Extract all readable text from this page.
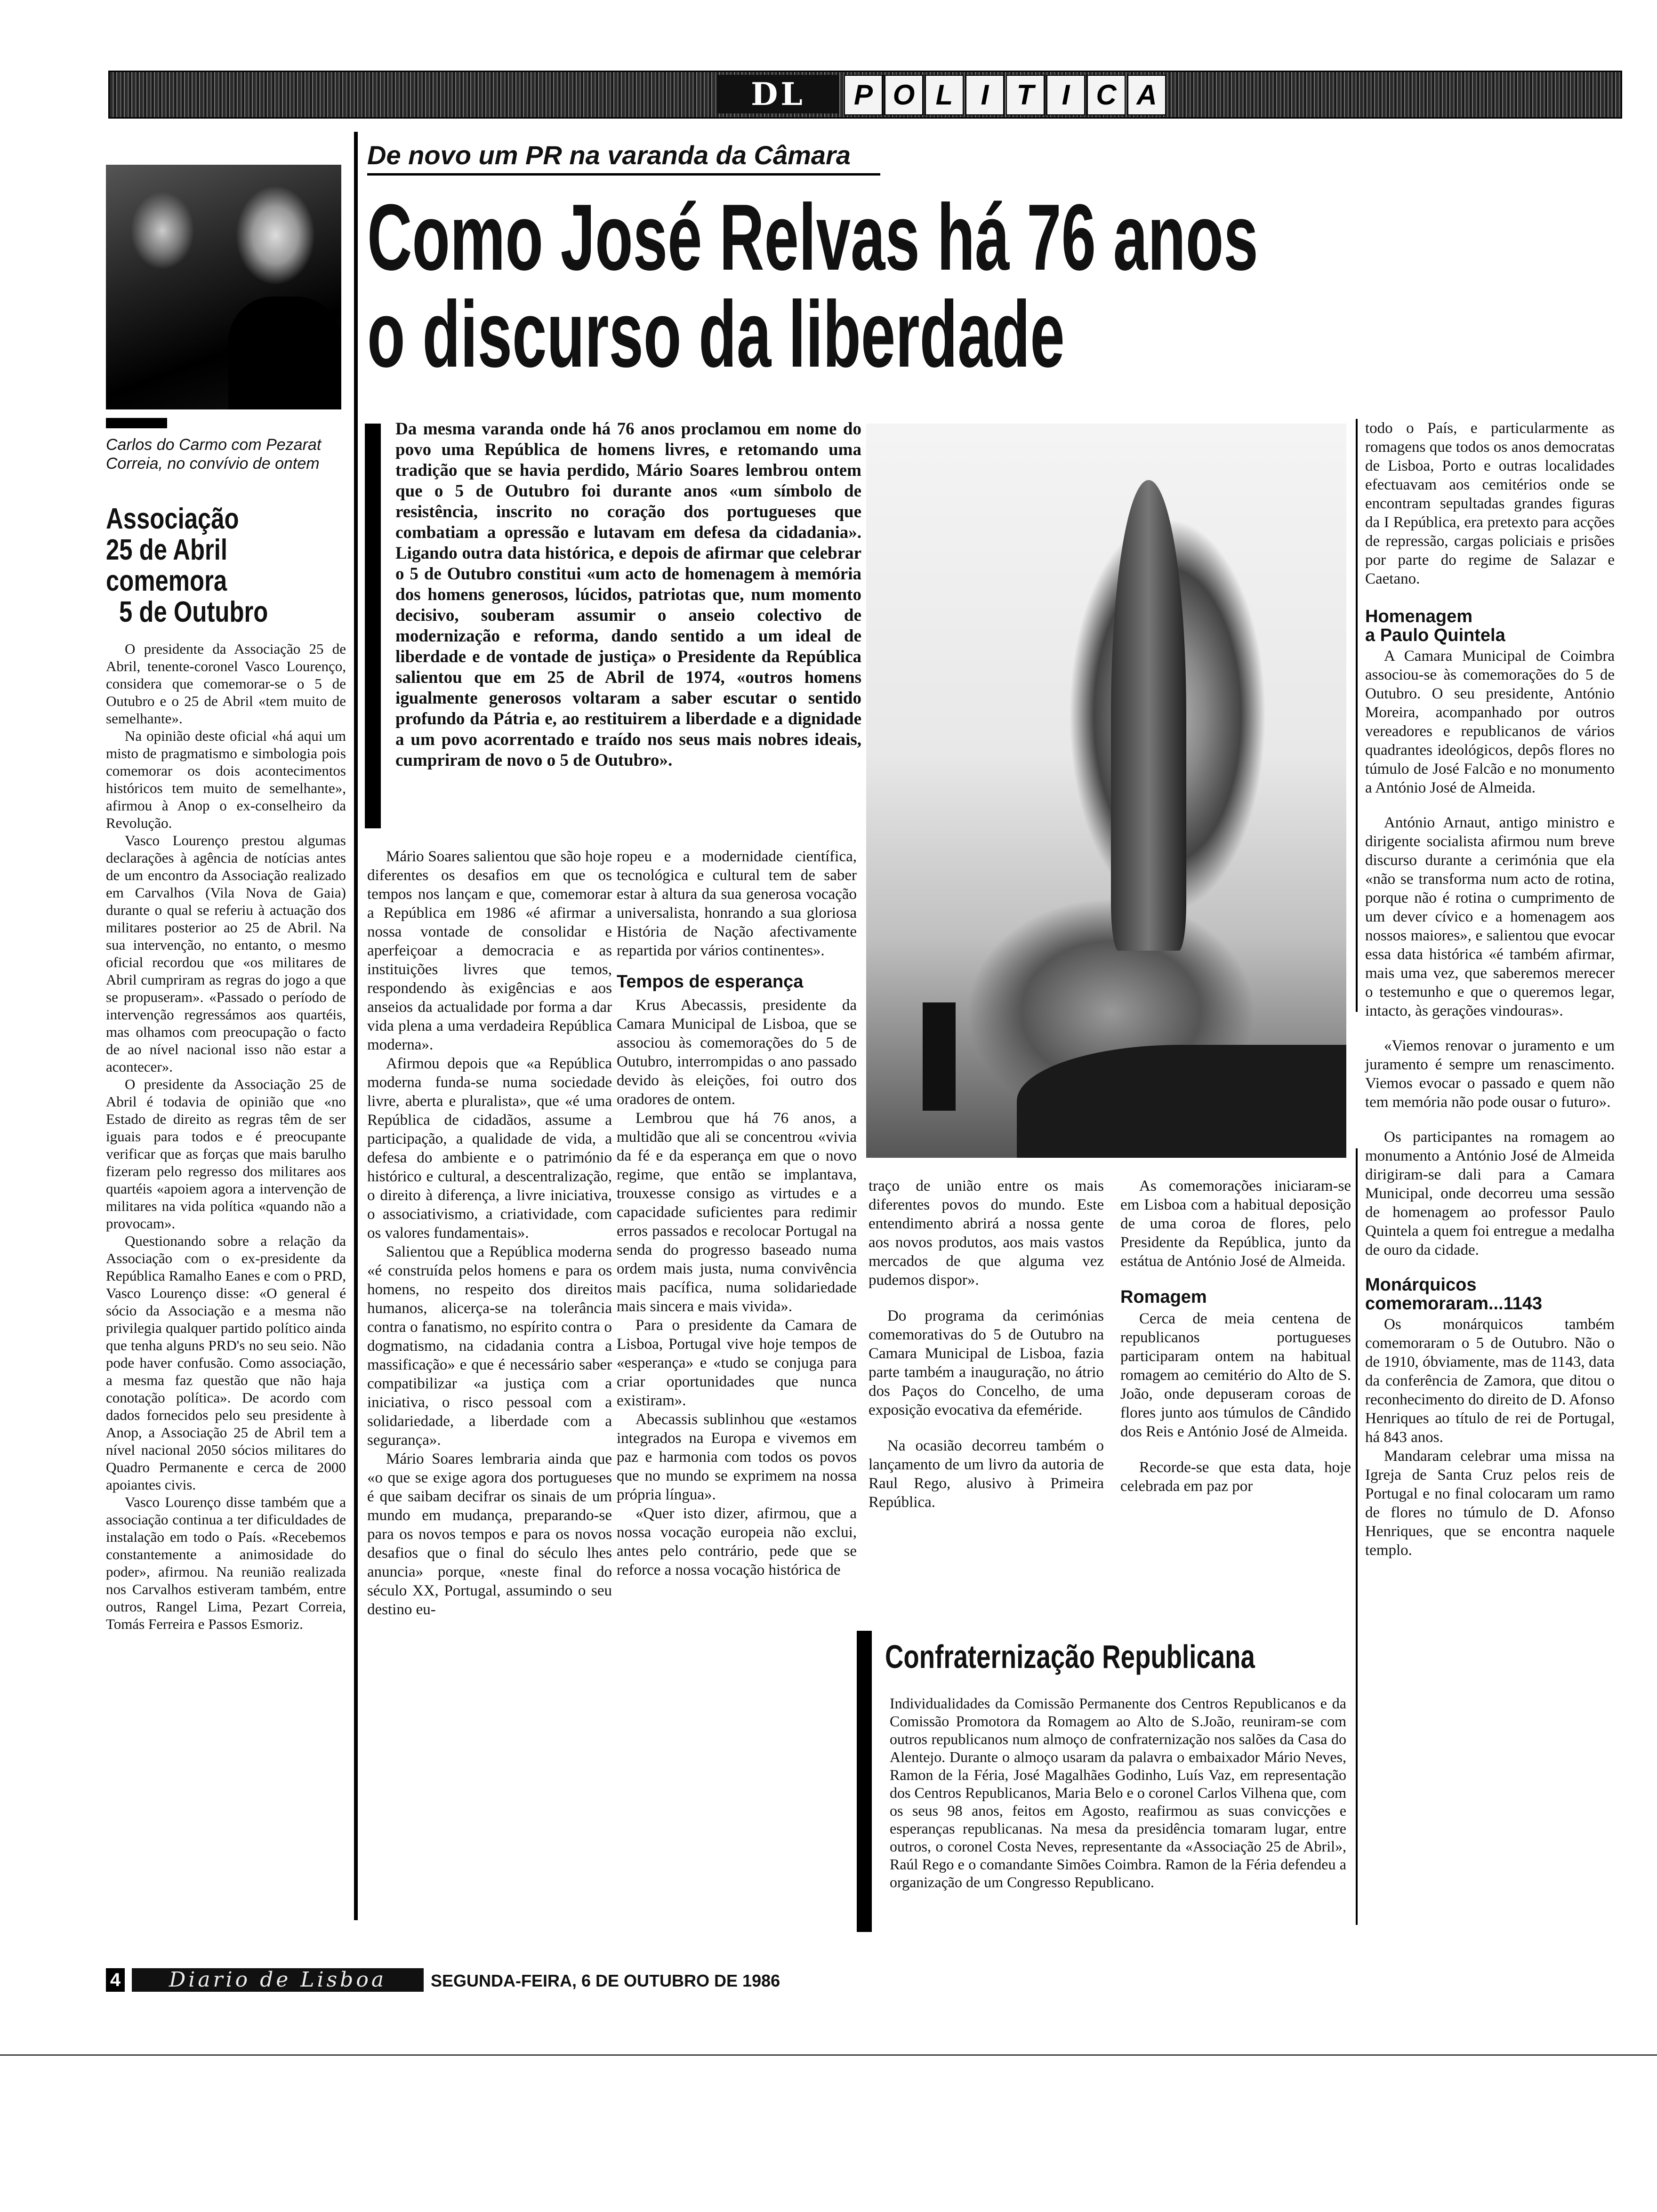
DL	P O L I T I C A
Carlos do Carmo com Pezarat Correia, no convívio de ontem
Associação
25 de Abril
comemora
5 de Outubro

O presidente da Associação 25 de Abril, tenente-coronel Vasco Lourenço, considera que comemorar-se o 5 de Outubro e o 25 de Abril «tem muito de semelhante».

Na opinião deste oficial «há aqui um misto de pragmatismo e simbologia pois comemorar os dois acontecimentos históricos tem muito de semelhante», afirmou à Anop o ex-conselheiro da Revolução.

Vasco Lourenço prestou algumas declarações à agência de notícias antes de um encontro da Associação realizado em Carvalhos (Vila Nova de Gaia) durante o qual se referiu à actuação dos militares posterior ao 25 de Abril. Na sua intervenção, no entanto, o mesmo oficial recordou que «os militares de Abril cumpriram as regras do jogo a que se propuseram». «Passado o período de intervenção regressámos aos quartéis, mas olhamos com preocupação o facto de ao nível nacional isso não estar a acontecer».

O presidente da Associação 25 de Abril é todavia de opinião que «no Estado de direito as regras têm de ser iguais para todos e é preocupante verificar que as forças que mais barulho fizeram pelo regresso dos militares aos quartéis «apoiem agora a intervenção de militares na vida política «quando não a provocam».

Questionando sobre a relação da Associação com o ex-presidente da República Ramalho Eanes e com o PRD, Vasco Lourenço disse: «O general é sócio da Associação e a mesma não privilegia qualquer partido político ainda que tenha alguns PRD's no seu seio. Não pode haver confusão. Como associação, a mesma faz questão que não haja conotação política». De acordo com dados fornecidos pelo seu presidente à Anop, a Associação 25 de Abril tem a nível nacional 2050 sócios militares do Quadro Permanente e cerca de 2000 apoiantes civis.

Vasco Lourenço disse também que a associação continua a ter dificuldades de instalação em todo o País. «Recebemos constantemente a animosidade do poder», afirmou. Na reunião realizada nos Carvalhos estiveram também, entre outros, Rangel Lima, Pezart Correia, Tomás Ferreira e Passos Esmoriz.

De novo um PR na varanda da Câmara
Como José Relvas há 76 anos
o discurso da liberdade
Da mesma varanda onde há 76 anos proclamou em nome do povo uma República de homens livres, e retomando uma tradição que se havia perdido, Mário Soares lembrou ontem que o 5 de Outubro foi durante anos «um símbolo de resistência, inscrito no coração dos portugueses que combatiam a opressão e lutavam em defesa da cidadania». Ligando outra data histórica, e depois de afirmar que celebrar o 5 de Outubro constitui «um acto de homenagem à memória dos homens generosos, lúcidos, patriotas que, num momento decisivo, souberam assumir o anseio colectivo de modernização e reforma, dando sentido a um ideal de liberdade e de vontade de justiça» o Presidente da República salientou que em 25 de Abril de 1974, «outros homens igualmente generosos voltaram a saber escutar o sentido profundo da Pátria e, ao restituirem a liberdade e a dignidade a um povo acorrentado e traído nos seus mais nobres ideais, cumpriram de novo o 5 de Outubro».

Mário Soares salientou que são hoje diferentes os desafios em que os tempos nos lançam e que, comemorar a República em 1986 «é afirmar a nossa vontade de consolidar e aperfeiçoar a democracia e as instituições livres que temos, respondendo às exigências e aos anseios da actualidade por forma a dar vida plena a uma verdadeira República moderna».

Afirmou depois que «a República moderna funda-se numa sociedade livre, aberta e pluralista», que «é uma República de cidadãos, assume a participação, a qualidade de vida, a defesa do ambiente e o património histórico e cultural, a descentralização, o direito à diferença, a livre iniciativa, o associativismo, a criatividade, com os valores fundamentais».

Salientou que a República moderna «é construída pelos homens e para os homens, no respeito dos direitos humanos, alicerça-se na tolerância contra o fanatismo, no espírito contra o dogmatismo, na cidadania contra a massificação» e que é necessário saber compatibilizar «a justiça com a iniciativa, o risco pessoal com a solidariedade, a liberdade com a segurança».

Mário Soares lembraria ainda que «o que se exige agora dos portugueses é que saibam decifrar os sinais de um mundo em mudança, preparando-se para os novos tempos e para os novos desafios que o final do século lhes anuncia» porque, «neste final do século XX, Portugal, assumindo o seu destino eu-

ropeu e a modernidade científica, tecnológica e cultural tem de saber estar à altura da sua generosa vocação universalista, honrando a sua gloriosa História de Nação afectivamente repartida por vários continentes».

Tempos de esperança

Krus Abecassis, presidente da Camara Municipal de Lisboa, que se associou às comemorações do 5 de Outubro, interrompidas o ano passado devido às eleições, foi outro dos oradores de ontem.

Lembrou que há 76 anos, a multidão que ali se concentrou «vivia da fé e da esperança em que o novo regime, que então se implantava, trouxesse consigo as virtudes e a capacidade suficientes para redimir erros passados e recolocar Portugal na senda do progresso baseado numa ordem mais justa, numa convivência mais pacífica, numa solidariedade mais sincera e mais vivida».

Para o presidente da Camara de Lisboa, Portugal vive hoje tempos de «esperança» e «tudo se conjuga para criar oportunidades que nunca existiram».

Abecassis sublinhou que «estamos integrados na Europa e vivemos em paz e harmonia com todos os povos que no mundo se exprimem na nossa própria língua».

«Quer isto dizer, afirmou, que a nossa vocação europeia não exclui, antes pelo contrário, pede que se reforce a nossa vocação histórica de

traço de união entre os mais diferentes povos do mundo. Este entendimento abrirá a nossa gente aos novos produtos, aos mais vastos mercados de que alguma vez pudemos dispor».

Do programa da cerimónias comemorativas do 5 de Outubro na Camara Municipal de Lisboa, fazia parte também a inauguração, no átrio dos Paços do Concelho, de uma exposição evocativa da efeméride.

Na ocasião decorreu também o lançamento de um livro da autoria de Raul Rego, alusivo à Primeira República.

As comemorações iniciaram-se em Lisboa com a habitual deposição de uma coroa de flores, pelo Presidente da República, junto da estátua de António José de Almeida.

Romagem

Cerca de meia centena de republicanos portugueses participaram ontem na habitual romagem ao cemitério do Alto de S. João, onde depuseram coroas de flores junto aos túmulos de Cândido dos Reis e António José de Almeida.

Recorde-se que esta data, hoje celebrada em paz por

Confraternização Republicana
Individualidades da Comissão Permanente dos Centros Republicanos e da Comissão Promotora da Romagem ao Alto de S.João, reuniram-se com outros republicanos num almoço de confraternização nos salões da Casa do Alentejo. Durante o almoço usaram da palavra o embaixador Mário Neves, Ramon de la Féria, José Magalhães Godinho, Luís Vaz, em representação dos Centros Republicanos, Maria Belo e o coronel Carlos Vilhena que, com os seus 98 anos, feitos em Agosto, reafirmou as suas convicções e esperanças republicanas. Na mesa da presidência tomaram lugar, entre outros, o coronel Costa Neves, representante da «Associação 25 de Abril», Raúl Rego e o comandante Simões Coimbra. Ramon de la Féria defendeu a organização de um Congresso Republicano.

todo o País, e particularmente as romagens que todos os anos democratas de Lisboa, Porto e outras localidades efectuavam aos cemitérios onde se encontram sepultadas grandes figuras da I República, era pretexto para acções de repressão, cargas policiais e prisões por parte do regime de Salazar e Caetano.

Homenagem
a Paulo Quintela

A Camara Municipal de Coimbra associou-se às comemorações do 5 de Outubro. O seu presidente, António Moreira, acompanhado por outros vereadores e republicanos de vários quadrantes ideológicos, depôs flores no túmulo de José Falcão e no monumento a António José de Almeida.

António Arnaut, antigo ministro e dirigente socialista afirmou num breve discurso durante a cerimónia que ela «não se transforma num acto de rotina, porque não é rotina o cumprimento de um dever cívico e a homenagem aos nossos maiores», e salientou que evocar essa data histórica «é também afirmar, mais uma vez, que saberemos merecer o testemunho e que o queremos legar, intacto, às gerações vindouras».

«Viemos renovar o juramento e um juramento é sempre um renascimento. Viemos evocar o passado e quem não tem memória não pode ousar o futuro».

Os participantes na romagem ao monumento a António José de Almeida dirigiram-se dali para a Camara Municipal, onde decorreu uma sessão de homenagem ao professor Paulo Quintela a quem foi entregue a medalha de ouro da cidade.

Monárquicos
comemoraram...1143

Os monárquicos também comemoraram o 5 de Outubro. Não o de 1910, óbviamente, mas de 1143, data da conferência de Zamora, que ditou o reconhecimento do direito de D. Afonso Henriques ao título de rei de Portugal, há 843 anos.

Mandaram celebrar uma missa na Igreja de Santa Cruz pelos reis de Portugal e no final colocaram um ramo de flores no túmulo de D. Afonso Henriques, que se encontra naquele templo.

4	Diario de Lisboa	SEGUNDA-FEIRA, 6 DE OUTUBRO DE 1986
